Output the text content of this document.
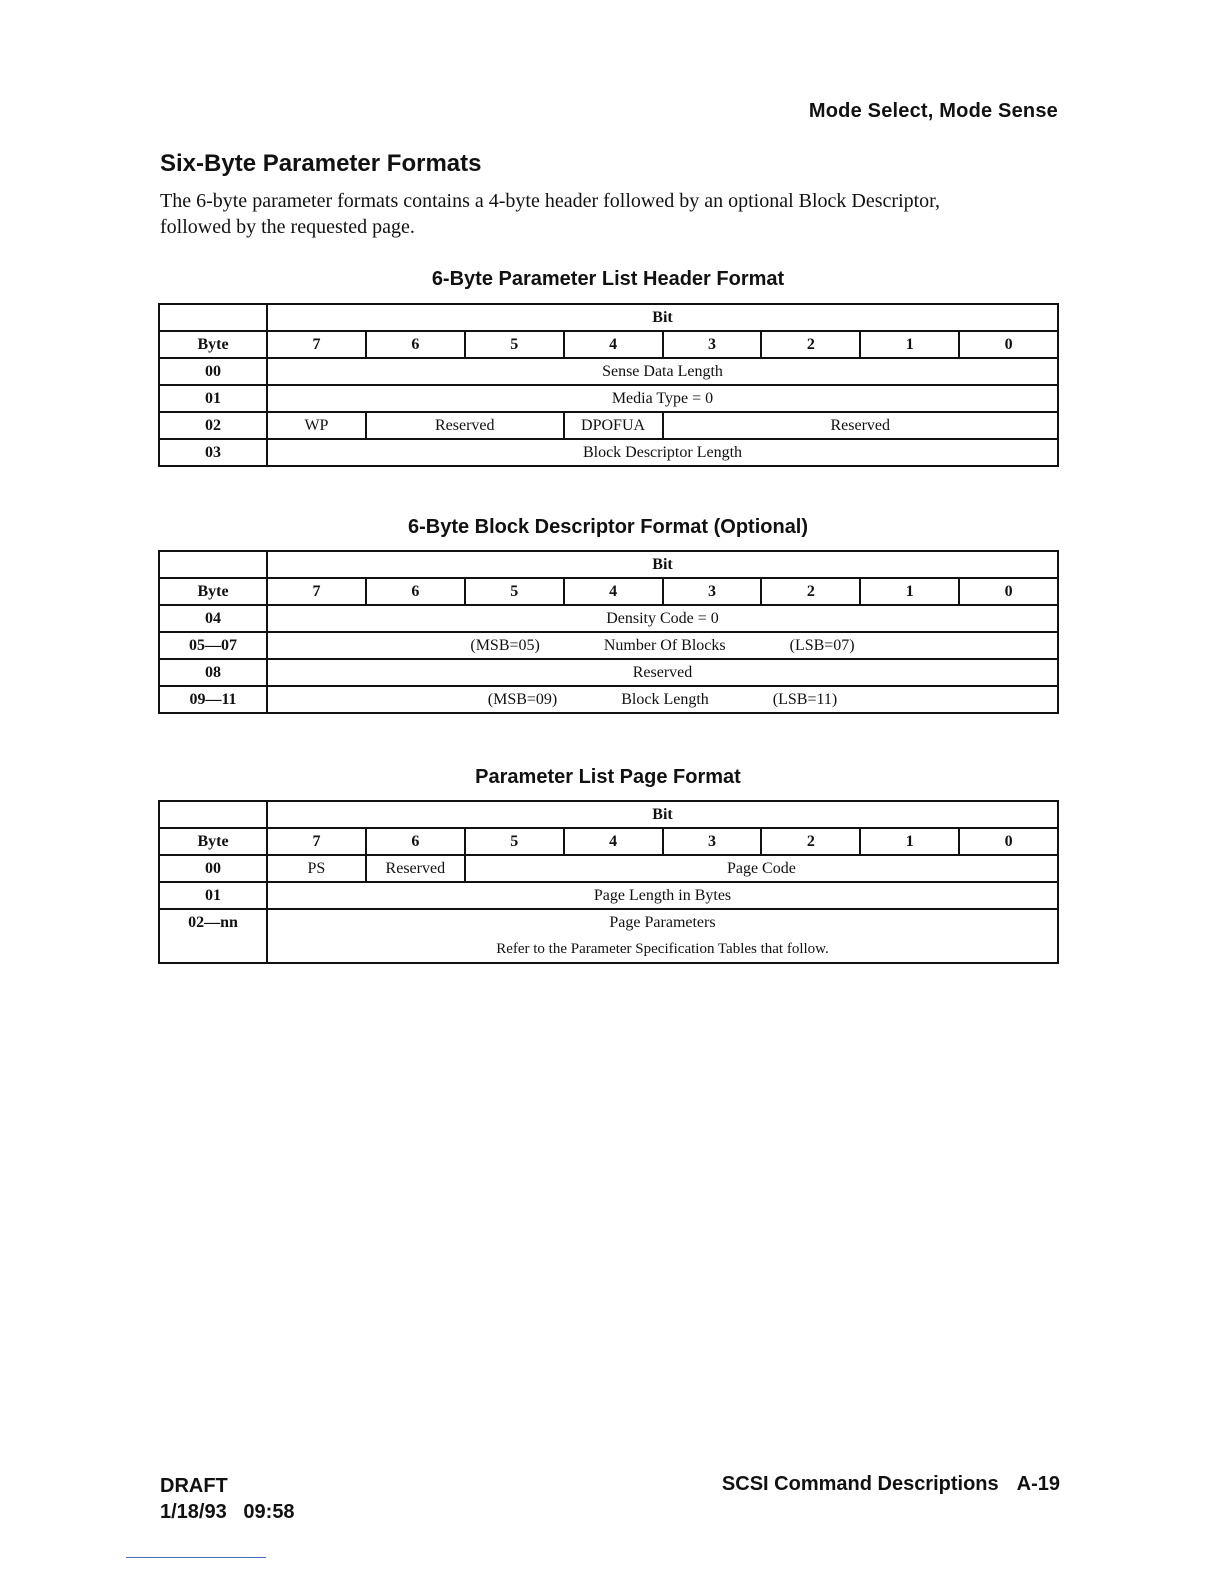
Mode Select, Mode Sense
Six-Byte Parameter Formats

The 6-byte parameter formats contains a 4-byte header followed by an optional Block Descriptor, followed by the requested page.

6-Byte Parameter List Header Format
	Bit							
Byte	7	6	5	4	3	2	1	0
00	Sense Data Length							
01	Media Type = 0							
02	WP	Reserved		DPOFUA	Reserved			
03	Block Descriptor Length							
6-Byte Block Descriptor Format (Optional)
	Bit							
Byte	7	6	5	4	3	2	1	0
04	Density Code = 0							
05—07	(MSB=05) Number Of Blocks (LSB=07)							

08	Reserved							
09—11	(MSB=09) Block Length (LSB=11)							
Parameter List Page Format
	Bit							
Byte	7	6	5	4	3	2	1	0
00	PS	Reserved	Page Code					
01	Page Length in Bytes							
02—nn	Page Parameters
Refer to the Parameter Specification Tables that follow.							
DRAFT
1/18/93 09:58
SCSI Command Descriptions A-19
